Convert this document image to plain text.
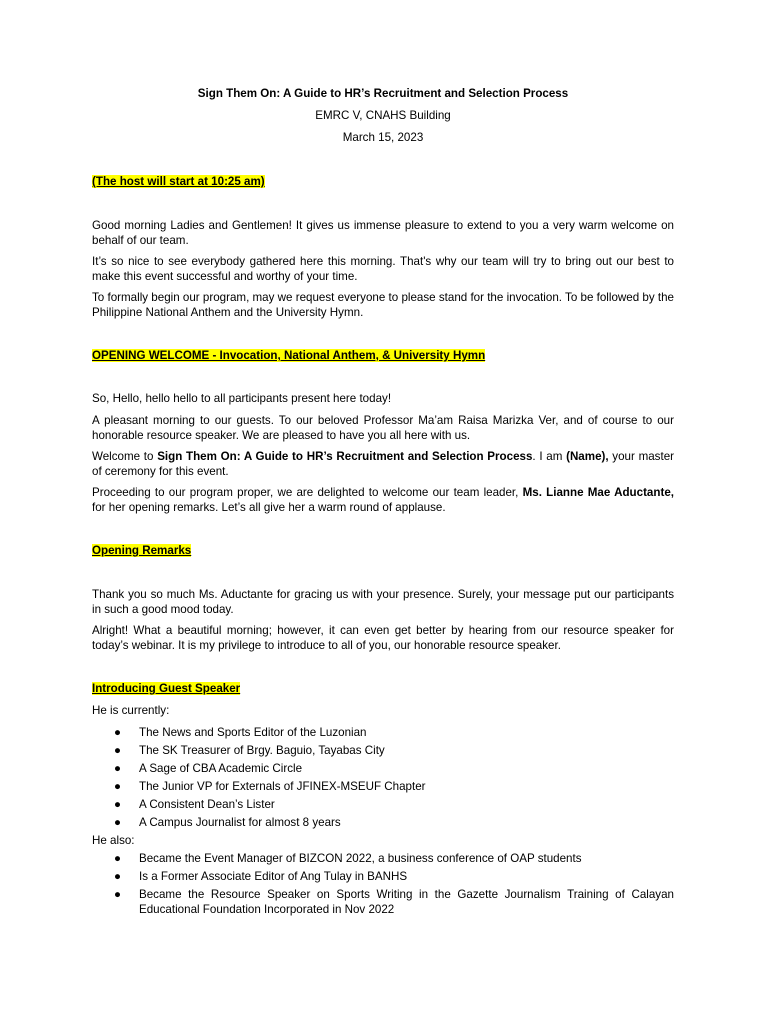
Sign Them On: A Guide to HR’s Recruitment and Selection Process

EMRC V, CNAHS Building

March 15, 2023

(The host will start at 10:25 am)

Good morning Ladies and Gentlemen! It gives us immense pleasure to extend to you a very warm welcome on behalf of our team.

It’s so nice to see everybody gathered here this morning. That's why our team will try to bring out our best to make this event successful and worthy of your time.

To formally begin our program, may we request everyone to please stand for the invocation. To be followed by the Philippine National Anthem and the University Hymn.

OPENING WELCOME - Invocation, National Anthem, & University Hymn

So, Hello, hello hello to all participants present here today!

A pleasant morning to our guests. To our beloved Professor Ma’am Raisa Marizka Ver, and of course to our honorable resource speaker. We are pleased to have you all here with us.

Welcome to Sign Them On: A Guide to HR’s Recruitment and Selection Process. I am (Name), your master of ceremony for this event.

Proceeding to our program proper, we are delighted to welcome our team leader, Ms. Lianne Mae Aductante, for her opening remarks. Let’s all give her a warm round of applause.

Opening Remarks

Thank you so much Ms. Aductante for gracing us with your presence. Surely, your message put our participants in such a good mood today.

Alright! What a beautiful morning; however, it can even get better by hearing from our resource speaker for today’s webinar. It is my privilege to introduce to all of you, our honorable resource speaker.

Introducing Guest Speaker

He is currently:

● The News and Sports Editor of the Luzonian
● The SK Treasurer of Brgy. Baguio, Tayabas City
● A Sage of CBA Academic Circle
● The Junior VP for Externals of JFINEX-MSEUF Chapter
● A Consistent Dean’s Lister
● A Campus Journalist for almost 8 years

He also:

● Became the Event Manager of BIZCON 2022, a business conference of OAP students
● Is a Former Associate Editor of Ang Tulay in BANHS
● Became the Resource Speaker on Sports Writing in the Gazette Journalism Training of Calayan Educational Foundation Incorporated in Nov 2022
